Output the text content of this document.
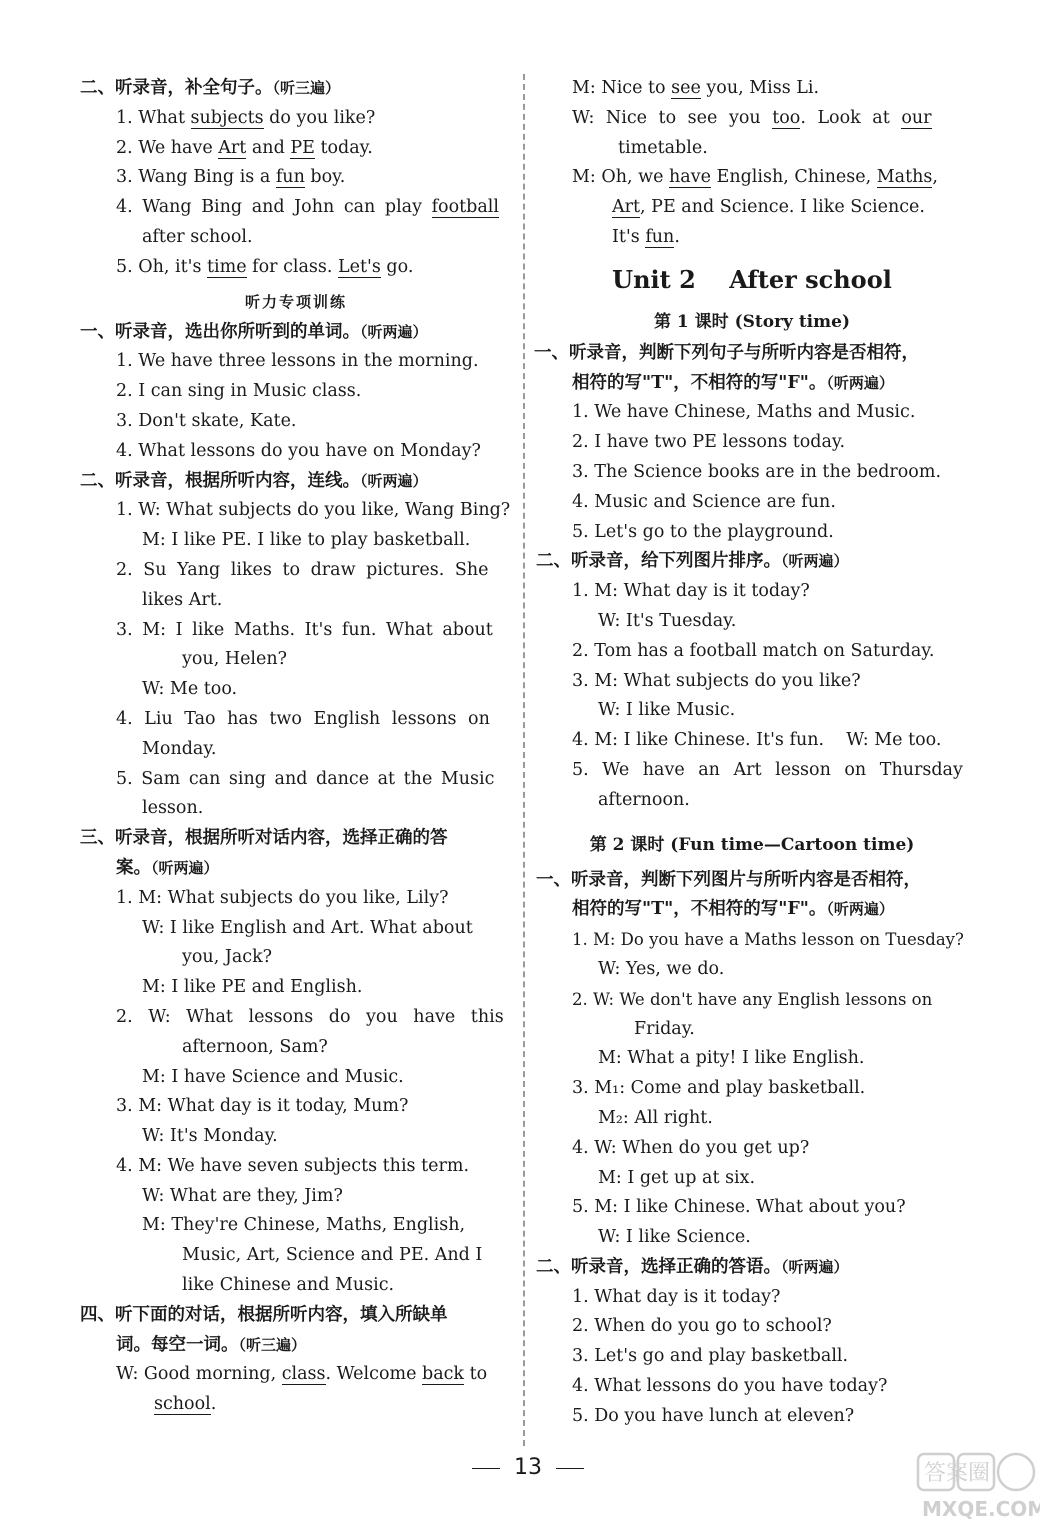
二、听录音，补全句子。（听三遍）
1. What subjects do you like?
2. We have Art and PE today.
3. Wang Bing is a fun boy.
4. Wang Bing and John can play football
after school.
5. Oh, it's time for class. Let's go.
听力专项训练
一、听录音，选出你所听到的单词。（听两遍）
1. We have three lessons in the morning.
2. I can sing in Music class.
3. Don't skate, Kate.
4. What lessons do you have on Monday?
二、听录音，根据所听内容，连线。（听两遍）
1. W: What subjects do you like, Wang Bing?
M: I like PE. I like to play basketball.
2. Su Yang likes to draw pictures. She
likes Art.
3. M: I like Maths. It's fun. What about
you, Helen?
W: Me too.
4. Liu Tao has two English lessons on
Monday.
5. Sam can sing and dance at the Music
lesson.
三、听录音，根据所听对话内容，选择正确的答
案。（听两遍）
1. M: What subjects do you like, Lily?
W: I like English and Art. What about
you, Jack?
M: I like PE and English.
2. W: What lessons do you have this
afternoon, Sam?
M: I have Science and Music.
3. M: What day is it today, Mum?
W: It's Monday.
4. M: We have seven subjects this term.
W: What are they, Jim?
M: They're Chinese, Maths, English,
Music, Art, Science and PE. And I
like Chinese and Music.
四、听下面的对话，根据所听内容，填入所缺单
词。每空一词。（听三遍）
W: Good morning, class. Welcome back to
school.
M: Nice to see you, Miss Li.
W: Nice to see you too. Look at our
timetable.
M: Oh, we have English, Chinese, Maths,
Art, PE and Science. I like Science.
It's fun.
Unit 2    After school
第 1 课时 (Story time)
一、听录音，判断下列句子与所听内容是否相符，
相符的写"T"，不相符的写"F"。（听两遍）
1. We have Chinese, Maths and Music.
2. I have two PE lessons today.
3. The Science books are in the bedroom.
4. Music and Science are fun.
5. Let's go to the playground.
二、听录音，给下列图片排序。（听两遍）
1. M: What day is it today?
W: It's Tuesday.
2. Tom has a football match on Saturday.
3. M: What subjects do you like?
W: I like Music.
4. M: I like Chinese. It's fun.    W: Me too.
5. We have an Art lesson on Thursday
afternoon.
第 2 课时 (Fun time—Cartoon time)
一、听录音，判断下列图片与所听内容是否相符，
相符的写"T"，不相符的写"F"。（听两遍）
1. M: Do you have a Maths lesson on Tuesday?
W: Yes, we do.
2. W: We don't have any English lessons on
Friday.
M: What a pity! I like English.
3. M₁: Come and play basketball.
M₂: All right.
4. W: When do you get up?
M: I get up at six.
5. M: I like Chinese. What about you?
W: I like Science.
二、听录音，选择正确的答语。（听两遍）
1. What day is it today?
2. When do you go to school?
3. Let's go and play basketball.
4. What lessons do you have today?
5. Do you have lunch at eleven?
13	答案圈
MXQE.COM
